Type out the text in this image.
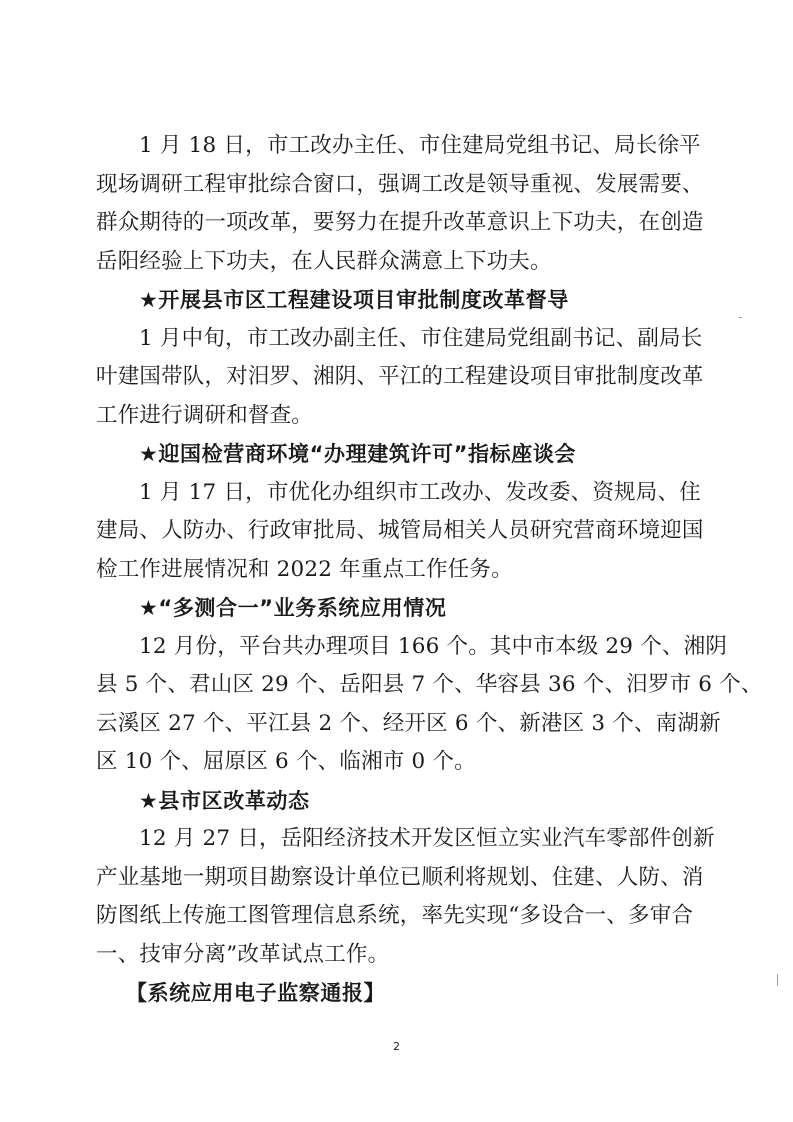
1 月 18 日，市工改办主任、市住建局党组书记、局长徐平
现场调研工程审批综合窗口，强调工改是领导重视、发展需要、
群众期待的一项改革，要努力在提升改革意识上下功夫，在创造
岳阳经验上下功夫，在人民群众满意上下功夫。
★开展县市区工程建设项目审批制度改革督导
1 月中旬，市工改办副主任、市住建局党组副书记、副局长
叶建国带队，对汨罗、湘阴、平江的工程建设项目审批制度改革
工作进行调研和督查。
★迎国检营商环境“办理建筑许可”指标座谈会
1 月 17 日，市优化办组织市工改办、发改委、资规局、住
建局、人防办、行政审批局、城管局相关人员研究营商环境迎国
检工作进展情况和 2022 年重点工作任务。
★“多测合一”业务系统应用情况
12 月份，平台共办理项目 166 个。其中市本级 29 个、湘阴
县 5 个、君山区 29 个、岳阳县 7 个、华容县 36 个、汨罗市 6 个、
云溪区 27 个、平江县 2 个、经开区 6 个、新港区 3 个、南湖新
区 10 个、屈原区 6 个、临湘市 0 个。
★县市区改革动态
12 月 27 日，岳阳经济技术开发区恒立实业汽车零部件创新
产业基地一期项目勘察设计单位已顺利将规划、住建、人防、消
防图纸上传施工图管理信息系统，率先实现“多设合一、多审合
一、技审分离”改革试点工作。
【系统应用电子监察通报】
2
